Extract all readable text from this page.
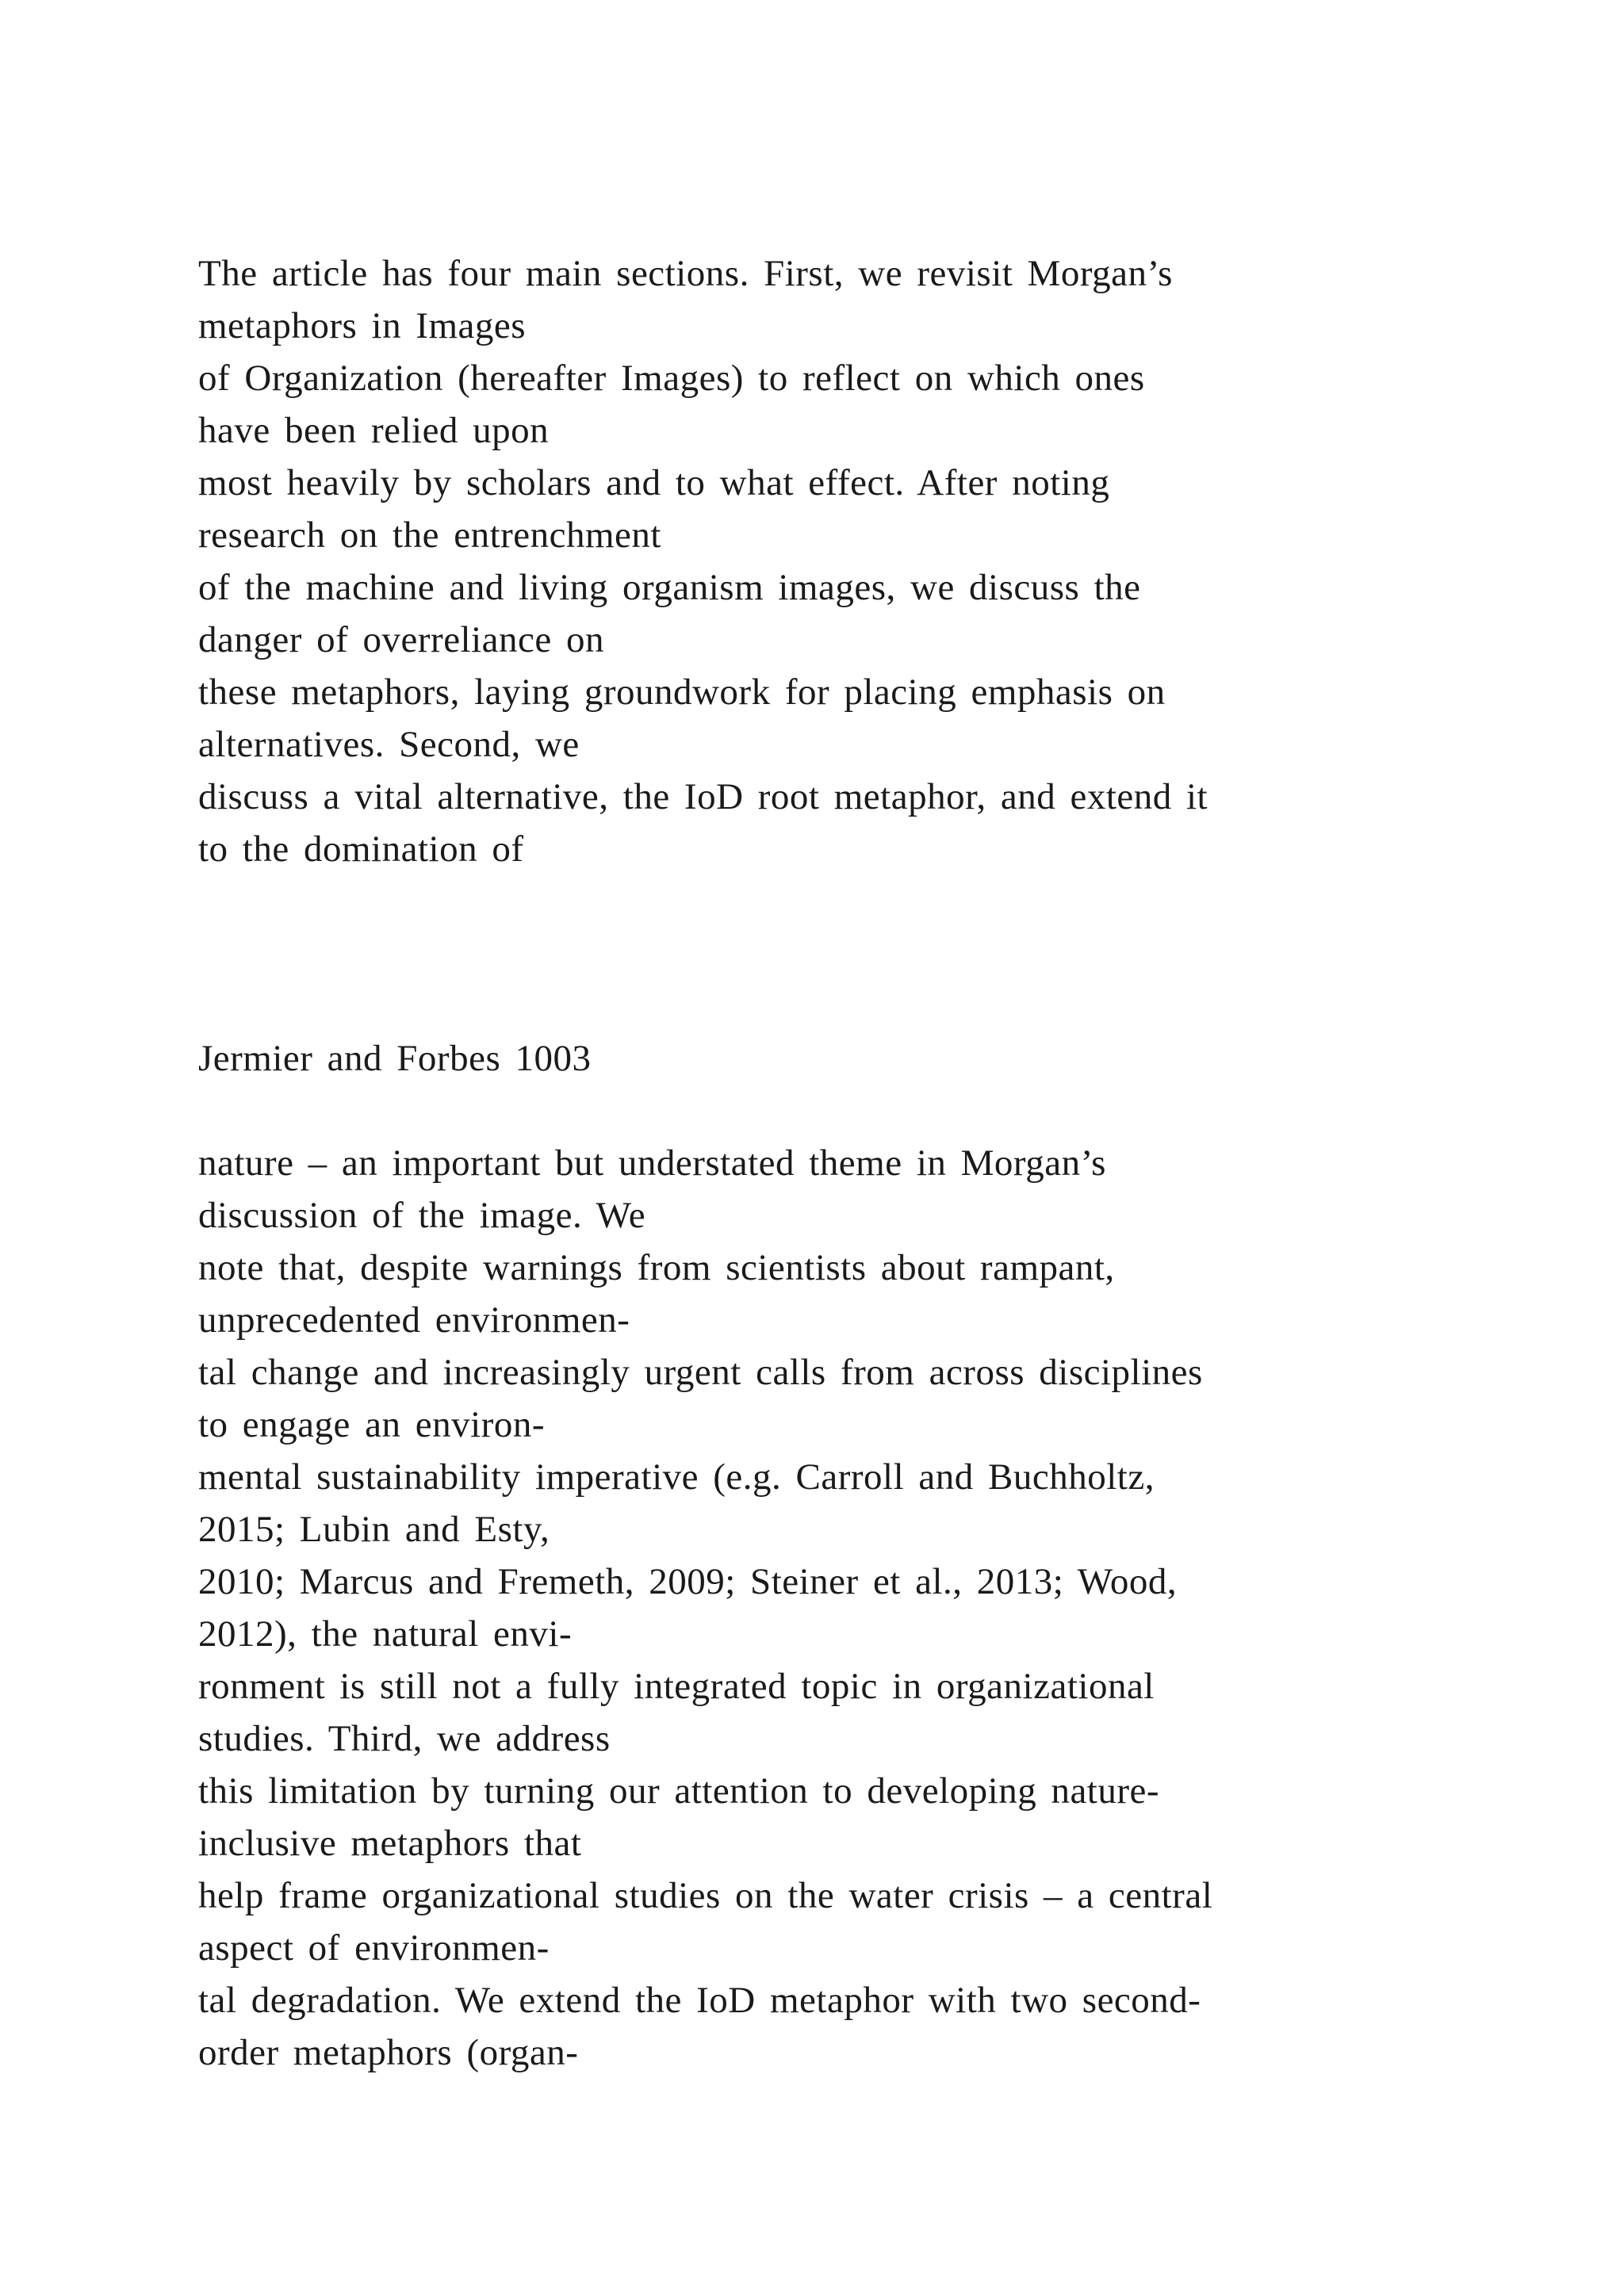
The article has four main sections. First, we revisit Morgan’s
metaphors in Images
of Organization (hereafter Images) to reflect on which ones
have been relied upon
most heavily by scholars and to what effect. After noting
research on the entrenchment
of the machine and living organism images, we discuss the
danger of overreliance on
these metaphors, laying groundwork for placing emphasis on
alternatives. Second, we
discuss a vital alternative, the IoD root metaphor, and extend it
to the domination of
Jermier and Forbes 1003
nature – an important but understated theme in Morgan’s
discussion of the image. We
note that, despite warnings from scientists about rampant,
unprecedented environmen-
tal change and increasingly urgent calls from across disciplines
to engage an environ-
mental sustainability imperative (e.g. Carroll and Buchholtz,
2015; Lubin and Esty,
2010; Marcus and Fremeth, 2009; Steiner et al., 2013; Wood,
2012), the natural envi-
ronment is still not a fully integrated topic in organizational
studies. Third, we address
this limitation by turning our attention to developing nature-
inclusive metaphors that
help frame organizational studies on the water crisis – a central
aspect of environmen-
tal degradation. We extend the IoD metaphor with two second-
order metaphors (organ-
